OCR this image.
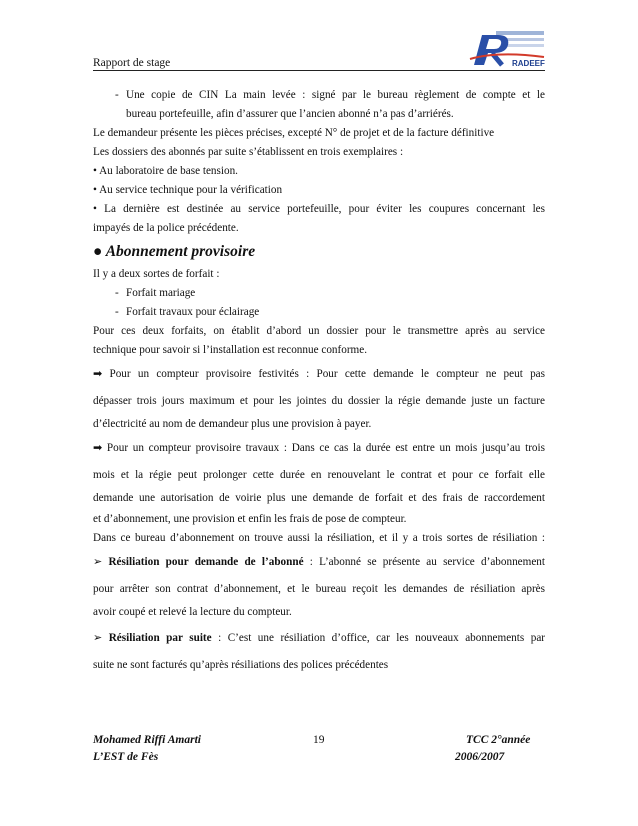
Rapport de stage	RADEEF
- Une copie de CIN La main levée : signé par le bureau règlement de compte et le
bureau portefeuille, afin d’assurer que l’ancien abonné n’a pas d’arriérés.
Le demandeur présente les pièces précises, excepté N° de projet et de la facture définitive
Les dossiers des abonnés par suite s’établissent en trois exemplaires :
• Au laboratoire de base tension.
• Au service technique pour la vérification
• La dernière est destinée au service portefeuille, pour éviter les coupures concernant les
impayés de la police précédente.
● Abonnement provisoire
Il y a deux sortes de forfait :
- Forfait mariage
- Forfait travaux pour éclairage
Pour ces deux forfaits, on établit d’abord un dossier pour le transmettre après au service
technique pour savoir si l’installation est reconnue conforme.
➡ Pour un compteur provisoire festivités : Pour cette demande le compteur ne peut pas
dépasser trois jours maximum et pour les jointes du dossier la régie demande juste un facture
d’électricité au nom de demandeur plus une provision à payer.
➡ Pour un compteur provisoire travaux : Dans ce cas la durée est entre un mois jusqu’au trois
mois et la régie peut prolonger cette durée en renouvelant le contrat et pour ce forfait elle
demande une autorisation de voirie plus une demande de forfait et des frais de raccordement
et d’abonnement, une provision et enfin les frais de pose de compteur.
Dans ce bureau d’abonnement on trouve aussi la résiliation, et il y a trois sortes de résiliation :
➢ Résiliation pour demande de l’abonné : L’abonné se présente au service d’abonnement
pour arrêter son contrat d’abonnement, et le bureau reçoit les demandes de résiliation après
avoir coupé et relevé la lecture du compteur.
➢ Résiliation par suite : C’est une résiliation d’office, car les nouveaux abonnements par
suite ne sont facturés qu’après résiliations des polices précédentes
Mohamed Riffi Amarti
L’EST de Fès
19	TCC 2°année
2006/2007
